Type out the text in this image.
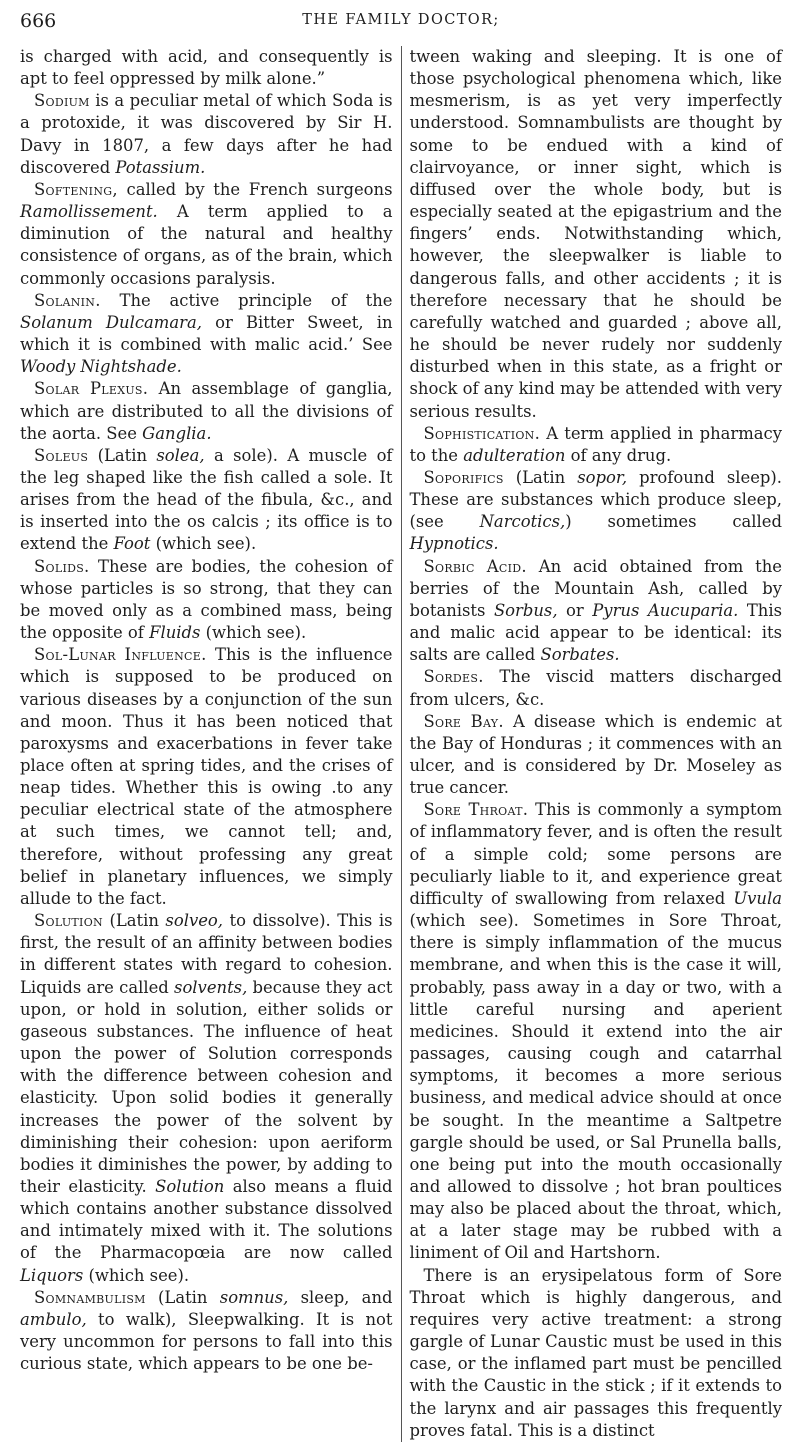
666	THE FAMILY DOCTOR;

is charged with acid, and consequently is apt to feel oppressed by milk alone.”

Sodium is a peculiar metal of which Soda is a protoxide, it was discovered by Sir H. Davy in 1807, a few days after he had discovered Potassium.

Softening, called by the French surgeons Ramollissement. A term applied to a diminution of the natural and healthy consistence of organs, as of the brain, which commonly occasions paralysis.

Solanin. The active principle of the Solanum Dulcamara, or Bitter Sweet, in which it is combined with malic acid.’ See Woody Nightshade.

Solar Plexus. An assemblage of ganglia, which are distributed to all the divisions of the aorta. See Ganglia.

Soleus (Latin solea, a sole). A muscle of the leg shaped like the fish called a sole. It arises from the head of the fibula, &c., and is inserted into the os calcis ; its office is to extend the Foot (which see).

Solids. These are bodies, the cohesion of whose particles is so strong, that they can be moved only as a combined mass, being the opposite of Fluids (which see).

Sol-Lunar Influence. This is the influence which is supposed to be produced on various diseases by a conjunction of the sun and moon. Thus it has been noticed that paroxysms and exacerbations in fever take place often at spring tides, and the crises of neap tides. Whether this is owing .to any peculiar electrical state of the atmosphere at such times, we cannot tell; and, therefore, without professing any great belief in planetary influences, we simply allude to the fact.

Solution (Latin solveo, to dissolve). This is first, the result of an affinity between bodies in different states with regard to cohesion. Liquids are called solvents, because they act upon, or hold in solution, either solids or gaseous substances. The influence of heat upon the power of Solution corresponds with the difference between cohesion and elasticity. Upon solid bodies it generally increases the power of the solvent by diminishing their cohesion: upon aeriform bodies it diminishes the power, by adding to their elasticity. Solution also means a fluid which contains another substance dissolved and intimately mixed with it. The solutions of the Pharmacopœia are now called Liquors (which see).

Somnambulism (Latin somnus, sleep, and ambulo, to walk), Sleepwalking. It is not very uncommon for persons to fall into this curious state, which appears to be one be-

tween waking and sleeping. It is one of those psychological phenomena which, like mesmerism, is as yet very imperfectly understood. Somnambulists are thought by some to be endued with a kind of clairvoyance, or inner sight, which is diffused over the whole body, but is especially seated at the epigastrium and the fingers’ ends. Notwithstanding which, however, the sleepwalker is liable to dangerous falls, and other accidents ; it is therefore necessary that he should be carefully watched and guarded ; above all, he should be never rudely nor suddenly disturbed when in this state, as a fright or shock of any kind may be attended with very serious results.

Sophistication. A term applied in pharmacy to the adulteration of any drug.

Soporifics (Latin sopor, profound sleep). These are substances which produce sleep, (see Narcotics,) sometimes called Hypnotics.

Sorbic Acid. An acid obtained from the berries of the Mountain Ash, called by botanists Sorbus, or Pyrus Aucuparia. This and malic acid appear to be identical: its salts are called Sorbates.

Sordes. The viscid matters discharged from ulcers, &c.

Sore Bay. A disease which is endemic at the Bay of Honduras ; it commences with an ulcer, and is considered by Dr. Moseley as true cancer.

Sore Throat. This is commonly a symptom of inflammatory fever, and is often the result of a simple cold; some persons are peculiarly liable to it, and experience great difficulty of swallowing from relaxed Uvula (which see). Sometimes in Sore Throat, there is simply inflammation of the mucus membrane, and when this is the case it will, probably, pass away in a day or two, with a little careful nursing and aperient medicines. Should it extend into the air passages, causing cough and catarrhal symptoms, it becomes a more serious business, and medical advice should at once be sought. In the meantime a Saltpetre gargle should be used, or Sal Prunella balls, one being put into the mouth occasionally and allowed to dissolve ; hot bran poultices may also be placed about the throat, which, at a later stage may be rubbed with a liniment of Oil and Hartshorn.

There is an erysipelatous form of Sore Throat which is highly dangerous, and requires very active treatment: a strong gargle of Lunar Caustic must be used in this case, or the inflamed part must be pencilled with the Caustic in the stick ; if it extends to the larynx and air passages this frequently proves fatal. This is a distinct
